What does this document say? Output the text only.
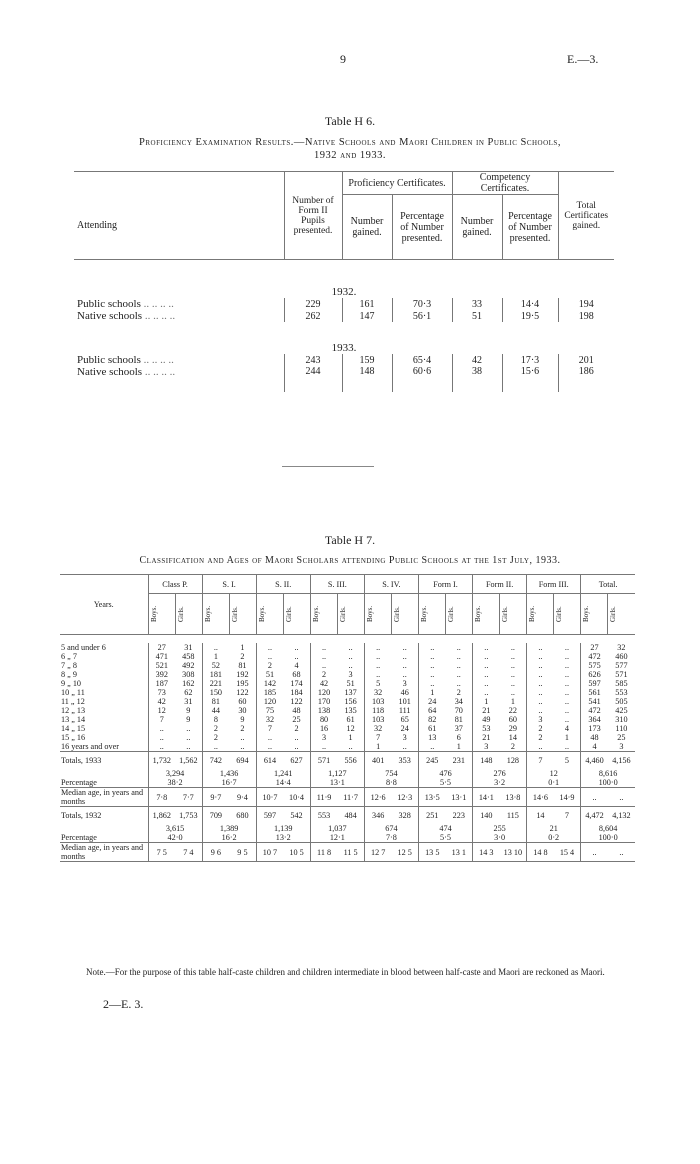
9	E.—3.
Table H 6.
Proficiency Examination Results.—Native Schools and Maori Children in Public Schools,
1932 and 1933.
Attending	Number of Form II Pupils presented.	Proficiency Certificates.		Competency Certificates.		Total Certificates gained.
		Number gained.	Percentage of Number presented.	Number gained.	Percentage of Number presented.	
1932.						
Public schools .. .. .. ..	229	161	70·3	33	14·4	194
Native schools .. .. .. ..	262	147	56·1	51	19·5	198
1933.						
Public schools .. .. .. ..	243	159	65·4	42	17·3	201
Native schools .. .. .. ..	244	148	60·6	38	15·6	186
Table H 7.
Classification and Ages of Maori Scholars attending Public Schools at the 1st July, 1933.
Years.	Class P.		S. I.		S. II.		S. III.		S. IV.		Form I.		Form II.		Form III.		Total.	

	Boys.	Girls.	Boys.	Girls.	Boys.	Girls.	Boys.	Girls.	Boys.	Girls.	Boys.	Girls.	Boys.	Girls.	Boys.	Girls.	Boys.	Girls.

5 and under 6	27	31	..	1	..	..	..	..	..	..	..	..	..	..	..	..	27	32
6 „ 7	471	458	1	2	..	..	..	..	..	..	..	..	..	..	..	..	472	460
7 „ 8	521	492	52	81	2	4	..	..	..	..	..	..	..	..	..	..	575	577
8 „ 9	392	308	181	192	51	68	2	3	..	..	..	..	..	..	..	..	626	571
9 „ 10	187	162	221	195	142	174	42	51	5	3	..	..	..	..	..	..	597	585
10 „ 11	73	62	150	122	185	184	120	137	32	46	1	2	..	..	..	..	561	553
11 „ 12	42	31	81	60	120	122	170	156	103	101	24	34	1	1	..	..	541	505
12 „ 13	12	9	44	30	75	48	138	135	118	111	64	70	21	22	..	..	472	425
13 „ 14	7	9	8	9	32	25	80	61	103	65	82	81	49	60	3	..	364	310
14 „ 15	..	..	2	2	7	2	16	12	32	24	61	37	53	29	2	4	173	110
15 „ 16	..	..	2	..	..	..	3	1	7	3	13	6	21	14	2	1	48	25
16 years and over	..	..	..	..	..	..	..	..	1	..	..	1	3	2	..	..	4	3
Totals, 1933	1,732	1,562	742	694	614	627	571	556	401	353	245	231	148	128	7	5	4,460	4,156
	3,294		1,436		1,241		1,127		754		476		276		12		8,616	
Percentage	38·2		16·7		14·4		13·1		8·8		5·5		3·2		0·1		100·0	
Median age, in years and months	7·8	7·7	9·7	9·4	10·7	10·4	11·9	11·7	12·6	12·3	13·5	13·1	14·1	13·8	14·6	14·9	..	..
Totals, 1932	1,862	1,753	709	680	597	542	553	484	346	328	251	223	140	115	14	7	4,472	4,132
	3,615		1,389		1,139		1,037		674		474		255		21		8,604	
Percentage	42·0		16·2		13·2		12·1		7·8		5·5		3·0		0·2		100·0	
Median age, in years and months	7 5	7 4	9 6	9 5	10 7	10 5	11 8	11 5	12 7	12 5	13 5	13 1	14 3	13 10	14 8	15 4	..	..
Note.—For the purpose of this table half-caste children and children intermediate in blood between half-caste and Maori are reckoned as Maori.
2—E. 3.
